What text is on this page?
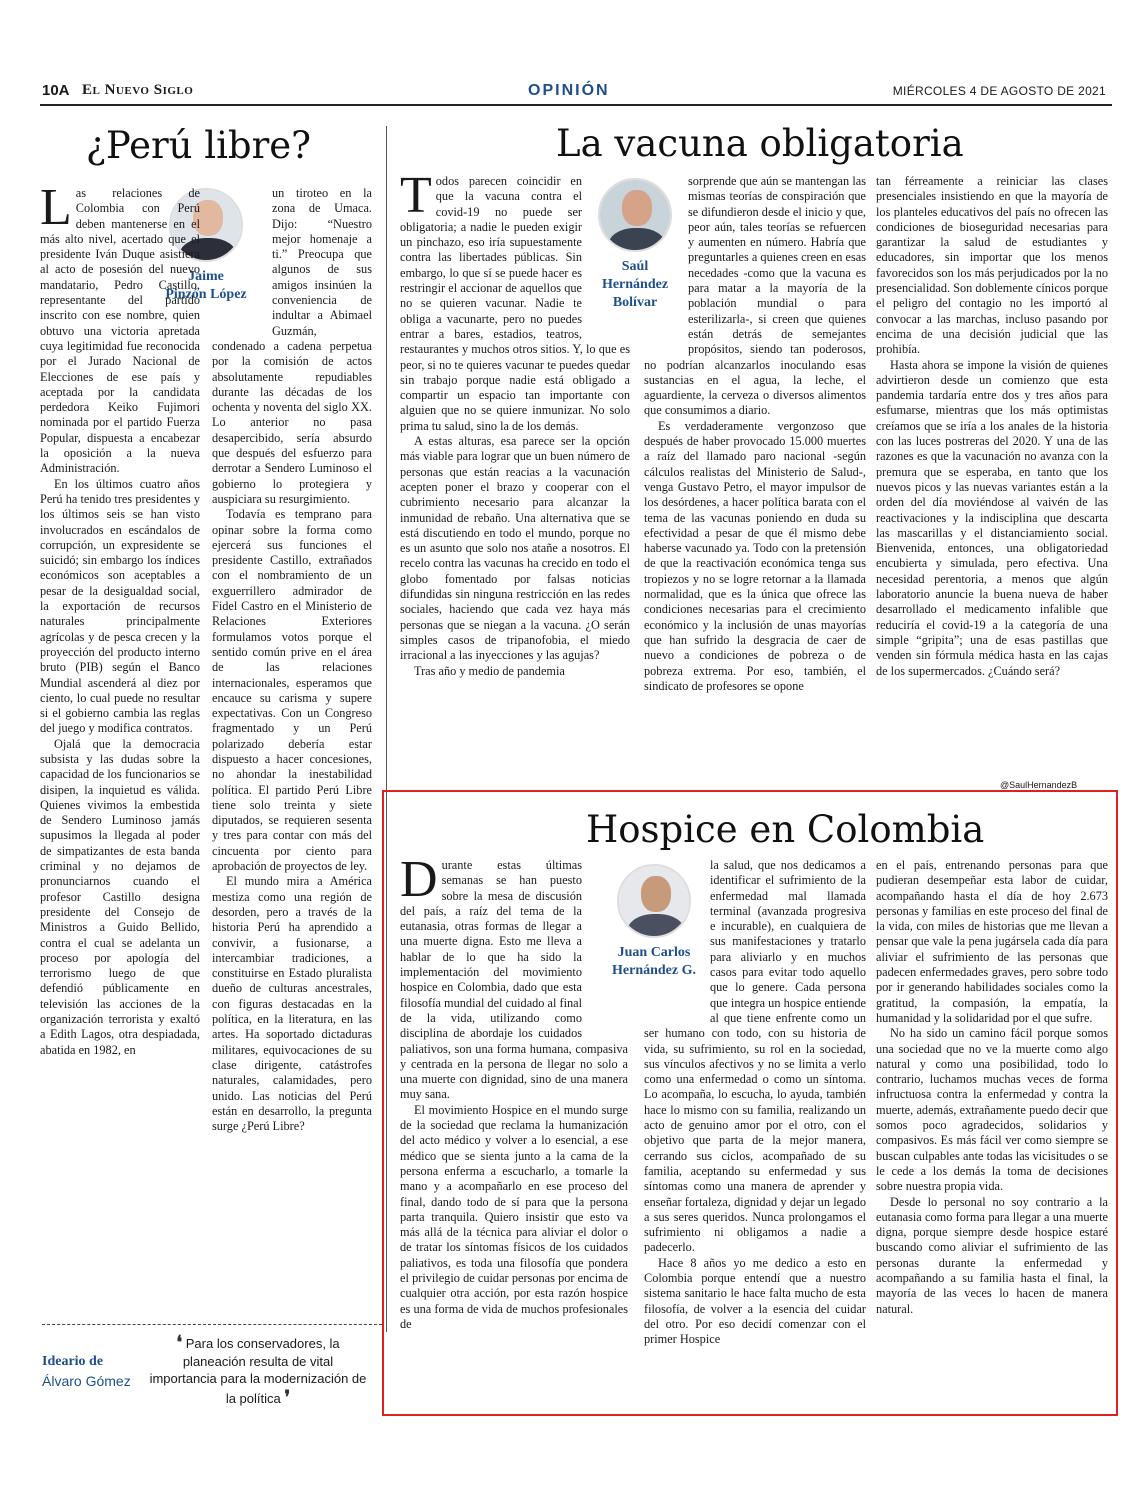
10A El Nuevo Siglo	OPINIÓN	MIÉRCOLES 4 DE AGOSTO DE 2021
¿Perú libre?
Jaime
Pinzón López

Las relaciones de Colombia con Perú deben mantenerse en el más alto nivel, acertado que el presidente Iván Duque asistiera al acto de posesión del nuevo mandatario, Pedro Castillo, representante del partido inscrito con ese nombre, quien obtuvo una victoria apretada cuya legitimidad fue reconocida por el Jurado Nacional de Elecciones de ese país y aceptada por la candidata perdedora Keiko Fujimori nominada por el partido Fuerza Popular, dispuesta a encabezar la oposición a la nueva Administración.

En los últimos cuatro años Perú ha tenido tres presidentes y los últimos seis se han visto involucrados en escándalos de corrupción, un expresidente se suicidó; sin embargo los índices económicos son aceptables a pesar de la desigualdad social, la exportación de recursos naturales principalmente agrícolas y de pesca crecen y la proyección del producto interno bruto (PIB) según el Banco Mundial ascenderá al diez por ciento, lo cual puede no resultar si el gobierno cambia las reglas del juego y modifica contratos.

Ojalá que la democracia subsista y las dudas sobre la capacidad de los funcionarios se disipen, la inquietud es válida. Quienes vivimos la embestida de Sendero Luminoso jamás supusimos la llegada al poder de simpatizantes de esta banda criminal y no dejamos de pronunciarnos cuando el profesor Castillo designa presidente del Consejo de Ministros a Guido Bellido, contra el cual se adelanta un proceso por apología del terrorismo luego de que defendió públicamente en televisión las acciones de la organización terrorista y exaltó a Edith Lagos, otra despiadada, abatida en 1982, en

un tiroteo en la zona de Umaca. Dijo: “Nuestro mejor homenaje a ti.” Preocupa que algunos de sus amigos insinúen la conveniencia de indultar a Abimael Guzmán, condenado a cadena perpetua por la comisión de actos absolutamente repudiables durante las décadas de los ochenta y noventa del siglo XX. Lo anterior no pasa desapercibido, sería absurdo que después del esfuerzo para derrotar a Sendero Luminoso el gobierno lo protegiera y auspiciara su resurgimiento.

Todavía es temprano para opinar sobre la forma como ejercerá sus funciones el presidente Castillo, extrañados con el nombramiento de un exguerrillero admirador de Fidel Castro en el Ministerio de Relaciones Exteriores formulamos votos porque el sentido común prive en el área de las relaciones internacionales, esperamos que encauce su carisma y supere expectativas. Con un Congreso fragmentado y un Perú polarizado debería estar dispuesto a hacer concesiones, no ahondar la inestabilidad política. El partido Perú Libre tiene solo treinta y siete diputados, se requieren sesenta y tres para contar con más del cincuenta por ciento para aprobación de proyectos de ley.

El mundo mira a América mestiza como una región de desorden, pero a través de la historia Perú ha aprendido a convivir, a fusionarse, a intercambiar tradiciones, a constituirse en Estado pluralista dueño de culturas ancestrales, con figuras destacadas en la política, en la literatura, en las artes. Ha soportado dictaduras militares, equivocaciones de su clase dirigente, catástrofes naturales, calamidades, pero unido. Las noticias del Perú están en desarrollo, la pregunta surge ¿Perú Libre?

La vacuna obligatoria
Saúl
Hernández
Bolívar

Todos parecen coincidir en que la vacuna contra el covid-19 no puede ser obligatoria; a nadie le pueden exigir un pinchazo, eso iría supuestamente contra las libertades públicas. Sin embargo, lo que sí se puede hacer es restringir el accionar de aquellos que no se quieren vacunar. Nadie te obliga a vacunarte, pero no puedes entrar a bares, estadios, teatros, restaurantes y muchos otros sitios. Y, lo que es peor, si no te quieres vacunar te puedes quedar sin trabajo porque nadie está obligado a compartir un espacio tan importante con alguien que no se quiere inmunizar. No solo prima tu salud, sino la de los demás.

A estas alturas, esa parece ser la opción más viable para lograr que un buen número de personas que están reacias a la vacunación acepten poner el brazo y cooperar con el cubrimiento necesario para alcanzar la inmunidad de rebaño. Una alternativa que se está discutiendo en todo el mundo, porque no es un asunto que solo nos atañe a nosotros. El recelo contra las vacunas ha crecido en todo el globo fomentado por falsas noticias difundidas sin ninguna restricción en las redes sociales, haciendo que cada vez haya más personas que se niegan a la vacuna. ¿O serán simples casos de tripanofobia, el miedo irracional a las inyecciones y las agujas?

Tras año y medio de pandemia

sorprende que aún se mantengan las mismas teorías de conspiración que se difundieron desde el inicio y que, peor aún, tales teorías se refuercen y aumenten en número. Habría que preguntarles a quienes creen en esas necedades -como que la vacuna es para matar a la mayoría de la población mundial o para esterilizarla-, si creen que quienes están detrás de semejantes propósitos, siendo tan poderosos, no podrían alcanzarlos inoculando esas sustancias en el agua, la leche, el aguardiente, la cerveza o diversos alimentos que consumimos a diario.

Es verdaderamente vergonzoso que después de haber provocado 15.000 muertes a raíz del llamado paro nacional -según cálculos realistas del Ministerio de Salud-, venga Gustavo Petro, el mayor impulsor de los desórdenes, a hacer política barata con el tema de las vacunas poniendo en duda su efectividad a pesar de que él mismo debe haberse vacunado ya. Todo con la pretensión de que la reactivación económica tenga sus tropiezos y no se logre retornar a la llamada normalidad, que es la única que ofrece las condiciones necesarias para el crecimiento económico y la inclusión de unas mayorías que han sufrido la desgracia de caer de nuevo a condiciones de pobreza o de pobreza extrema. Por eso, también, el sindicato de profesores se opone

tan férreamente a reiniciar las clases presenciales insistiendo en que la mayoría de los planteles educativos del país no ofrecen las condiciones de bioseguridad necesarias para garantizar la salud de estudiantes y educadores, sin importar que los menos favorecidos son los más perjudicados por la no presencialidad. Son doblemente cínicos porque el peligro del contagio no les importó al convocar a las marchas, incluso pasando por encima de una decisión judicial que las prohibía.

Hasta ahora se impone la visión de quienes advirtieron desde un comienzo que esta pandemia tardaría entre dos y tres años para esfumarse, mientras que los más optimistas creíamos que se iría a los anales de la historia con las luces postreras del 2020. Y una de las razones es que la vacunación no avanza con la premura que se esperaba, en tanto que los nuevos picos y las nuevas variantes están a la orden del día moviéndose al vaivén de las reactivaciones y la indisciplina que descarta las mascarillas y el distanciamiento social. Bienvenida, entonces, una obligatoriedad encubierta y simulada, pero efectiva. Una necesidad perentoria, a menos que algún laboratorio anuncie la buena nueva de haber desarrollado el medicamento infalible que reduciría el covid-19 a la categoría de una simple “gripita”; una de esas pastillas que venden sin fórmula médica hasta en las cajas de los supermercados. ¿Cuándo será?

@SaulHernandezB
Hospice en Colombia
Juan Carlos
Hernández G.

Durante estas últimas semanas se han puesto sobre la mesa de discusión del país, a raíz del tema de la eutanasia, otras formas de llegar a una muerte digna. Esto me lleva a hablar de lo que ha sido la implementación del movimiento hospice en Colombia, dado que esta filosofía mundial del cuidado al final de la vida, utilizando como disciplina de abordaje los cuidados paliativos, son una forma humana, compasiva y centrada en la persona de llegar no solo a una muerte con dignidad, sino de una manera muy sana.

El movimiento Hospice en el mundo surge de la sociedad que reclama la humanización del acto médico y volver a lo esencial, a ese médico que se sienta junto a la cama de la persona enferma a escucharlo, a tomarle la mano y a acompañarlo en ese proceso del final, dando todo de sí para que la persona parta tranquila. Quiero insistir que esto va más allá de la técnica para aliviar el dolor o de tratar los síntomas físicos de los cuidados paliativos, es toda una filosofía que pondera el privilegio de cuidar personas por encima de cualquier otra acción, por esta razón hospice es una forma de vida de muchos profesionales de

la salud, que nos dedicamos a identificar el sufrimiento de la enfermedad mal llamada terminal (avanzada progresiva e incurable), en cualquiera de sus manifestaciones y tratarlo para aliviarlo y en muchos casos para evitar todo aquello que lo genere. Cada persona que integra un hospice entiende al que tiene enfrente como un ser humano con todo, con su historia de vida, su sufrimiento, su rol en la sociedad, sus vínculos afectivos y no se limita a verlo como una enfermedad o como un síntoma. Lo acompaña, lo escucha, lo ayuda, también hace lo mismo con su familia, realizando un acto de genuino amor por el otro, con el objetivo que parta de la mejor manera, cerrando sus ciclos, acompañado de su familia, aceptando su enfermedad y sus síntomas como una manera de aprender y enseñar fortaleza, dignidad y dejar un legado a sus seres queridos. Nunca prolongamos el sufrimiento ni obligamos a nadie a padecerlo.

Hace 8 años yo me dedico a esto en Colombia porque entendí que a nuestro sistema sanitario le hace falta mucho de esta filosofía, de volver a la esencia del cuidar del otro. Por eso decidí comenzar con el primer Hospice

en el país, entrenando personas para que pudieran desempeñar esta labor de cuidar, acompañando hasta el día de hoy 2.673 personas y familias en este proceso del final de la vida, con miles de historias que me llevan a pensar que vale la pena jugársela cada día para aliviar el sufrimiento de las personas que padecen enfermedades graves, pero sobre todo por ir generando habilidades sociales como la gratitud, la compasión, la empatía, la humanidad y la solidaridad por el que sufre.

No ha sido un camino fácil porque somos una sociedad que no ve la muerte como algo natural y como una posibilidad, todo lo contrario, luchamos muchas veces de forma infructuosa contra la enfermedad y contra la muerte, además, extrañamente puedo decir que somos poco agradecidos, solidarios y compasivos. Es más fácil ver como siempre se buscan culpables ante todas las vicisitudes o se le cede a los demás la toma de decisiones sobre nuestra propia vida.

Desde lo personal no soy contrario a la eutanasia como forma para llegar a una muerte digna, porque siempre desde hospice estaré buscando como aliviar el sufrimiento de las personas durante la enfermedad y acompañando a su familia hasta el final, la mayoría de las veces lo hacen de manera natural.

Ideario de
Álvaro Gómez
❛ Para los conservadores, la planeación resulta de vital importancia para la modernización de la política ❜
